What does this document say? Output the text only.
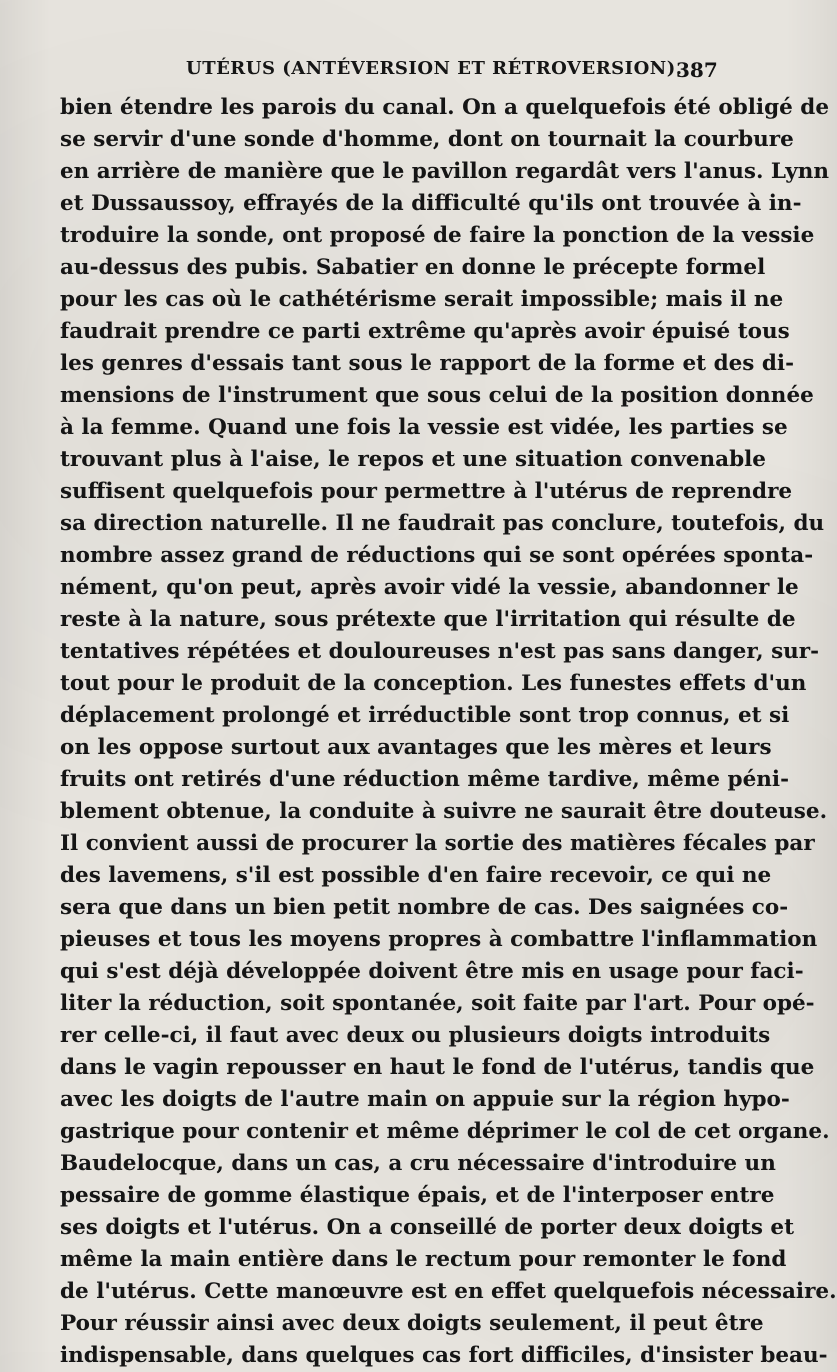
UTÉRUS (ANTÉVERSION ET RÉTROVERSION).
387
bien étendre les parois du canal. On a quelquefois été obligé de
se servir d'une sonde d'homme, dont on tournait la courbure
en arrière de manière que le pavillon regardât vers l'anus. Lynn
et Dussaussoy, effrayés de la difficulté qu'ils ont trouvée à in-
troduire la sonde, ont proposé de faire la ponction de la vessie
au-dessus des pubis. Sabatier en donne le précepte formel
pour les cas où le cathétérisme serait impossible; mais il ne
faudrait prendre ce parti extrême qu'après avoir épuisé tous
les genres d'essais tant sous le rapport de la forme et des di-
mensions de l'instrument que sous celui de la position donnée
à la femme. Quand une fois la vessie est vidée, les parties se
trouvant plus à l'aise, le repos et une situation convenable
suffisent quelquefois pour permettre à l'utérus de reprendre
sa direction naturelle. Il ne faudrait pas conclure, toutefois, du
nombre assez grand de réductions qui se sont opérées sponta-
nément, qu'on peut, après avoir vidé la vessie, abandonner le
reste à la nature, sous prétexte que l'irritation qui résulte de
tentatives répétées et douloureuses n'est pas sans danger, sur-
tout pour le produit de la conception. Les funestes effets d'un
déplacement prolongé et irréductible sont trop connus, et si
on les oppose surtout aux avantages que les mères et leurs
fruits ont retirés d'une réduction même tardive, même péni-
blement obtenue, la conduite à suivre ne saurait être douteuse.
Il convient aussi de procurer la sortie des matières fécales par
des lavemens, s'il est possible d'en faire recevoir, ce qui ne
sera que dans un bien petit nombre de cas. Des saignées co-
pieuses et tous les moyens propres à combattre l'inflammation
qui s'est déjà développée doivent être mis en usage pour faci-
liter la réduction, soit spontanée, soit faite par l'art. Pour opé-
rer celle-ci, il faut avec deux ou plusieurs doigts introduits
dans le vagin repousser en haut le fond de l'utérus, tandis que
avec les doigts de l'autre main on appuie sur la région hypo-
gastrique pour contenir et même déprimer le col de cet organe.
Baudelocque, dans un cas, a cru nécessaire d'introduire un
pessaire de gomme élastique épais, et de l'interposer entre
ses doigts et l'utérus. On a conseillé de porter deux doigts et
même la main entière dans le rectum pour remonter le fond
de l'utérus. Cette manœuvre est en effet quelquefois nécessaire.
Pour réussir ainsi avec deux doigts seulement, il peut être
indispensable, dans quelques cas fort difficiles, d'insister beau-
